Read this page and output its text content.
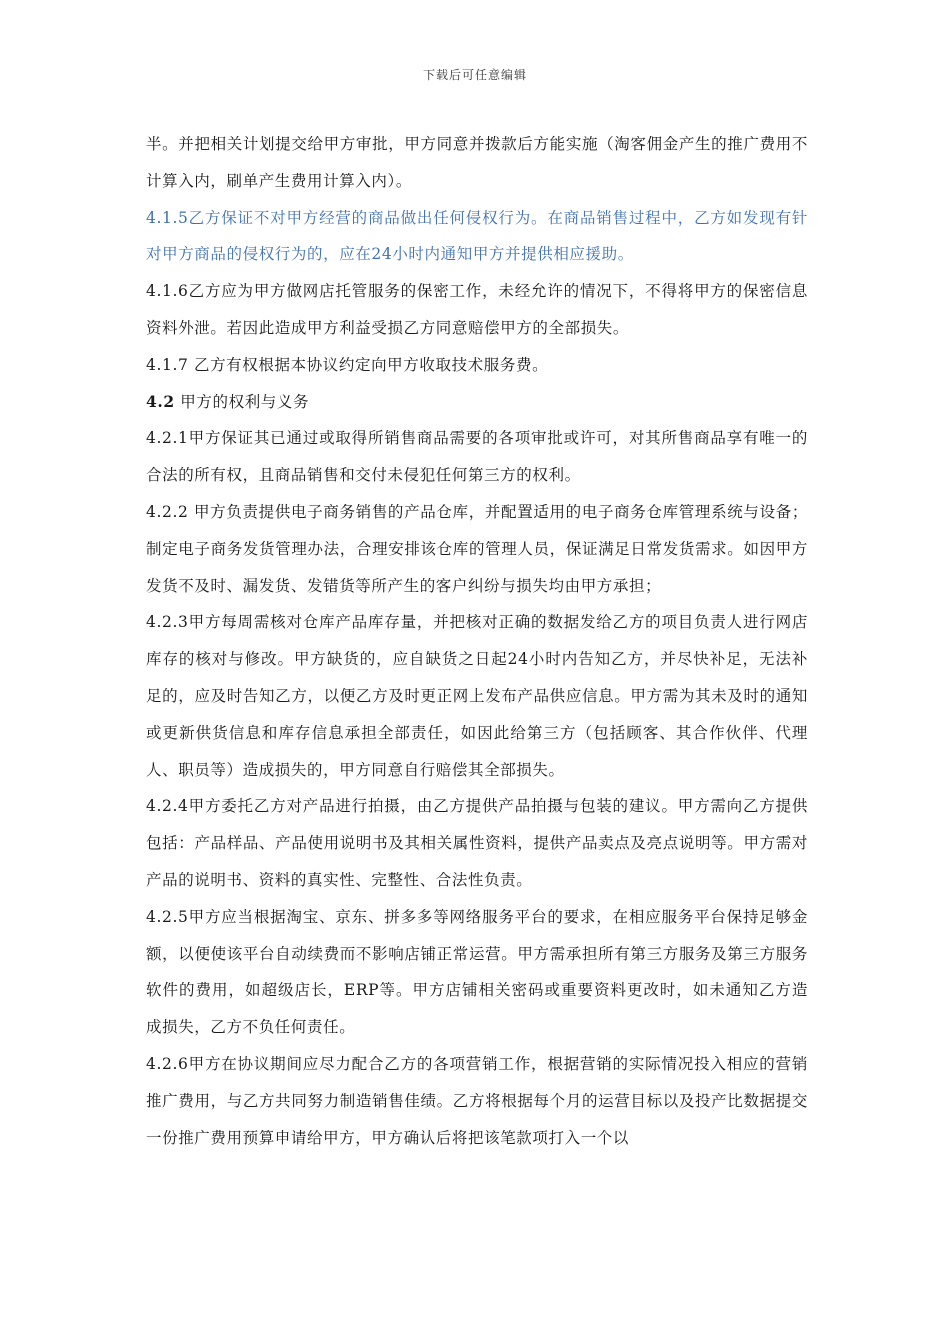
下载后可任意编辑

半。并把相关计划提交给甲方审批，甲方同意并拨款后方能实施（淘客佣金产生的推广费用不计算入内，刷单产生费用计算入内）。

4.1.5乙方保证不对甲方经营的商品做出任何侵权行为。在商品销售过程中，乙方如发现有针对甲方商品的侵权行为的，应在24小时内通知甲方并提供相应援助。

4.1.6乙方应为甲方做网店托管服务的保密工作，未经允许的情况下，不得将甲方的保密信息资料外泄。若因此造成甲方利益受损乙方同意赔偿甲方的全部损失。

4.1.7 乙方有权根据本协议约定向甲方收取技术服务费。

4.2 甲方的权利与义务

4.2.1甲方保证其已通过或取得所销售商品需要的各项审批或许可，对其所售商品享有唯一的合法的所有权，且商品销售和交付未侵犯任何第三方的权利。

4.2.2 甲方负责提供电子商务销售的产品仓库，并配置适用的电子商务仓库管理系统与设备；制定电子商务发货管理办法，合理安排该仓库的管理人员，保证满足日常发货需求。如因甲方发货不及时、漏发货、发错货等所产生的客户纠纷与损失均由甲方承担；

4.2.3甲方每周需核对仓库产品库存量，并把核对正确的数据发给乙方的项目负责人进行网店库存的核对与修改。甲方缺货的，应自缺货之日起24小时内告知乙方，并尽快补足，无法补足的，应及时告知乙方，以便乙方及时更正网上发布产品供应信息。甲方需为其未及时的通知或更新供货信息和库存信息承担全部责任，如因此给第三方（包括顾客、其合作伙伴、代理人、职员等）造成损失的，甲方同意自行赔偿其全部损失。

4.2.4甲方委托乙方对产品进行拍摄，由乙方提供产品拍摄与包装的建议。甲方需向乙方提供包括：产品样品、产品使用说明书及其相关属性资料，提供产品卖点及亮点说明等。甲方需对产品的说明书、资料的真实性、完整性、合法性负责。

4.2.5甲方应当根据淘宝、京东、拼多多等网络服务平台的要求，在相应服务平台保持足够金额，以便使该平台自动续费而不影响店铺正常运营。甲方需承担所有第三方服务及第三方服务软件的费用，如超级店长，ERP等。甲方店铺相关密码或重要资料更改时，如未通知乙方造成损失，乙方不负任何责任。

4.2.6甲方在协议期间应尽力配合乙方的各项营销工作，根据营销的实际情况投入相应的营销推广费用，与乙方共同努力制造销售佳绩。乙方将根据每个月的运营目标以及投产比数据提交一份推广费用预算申请给甲方，甲方确认后将把该笔款项打入一个以
